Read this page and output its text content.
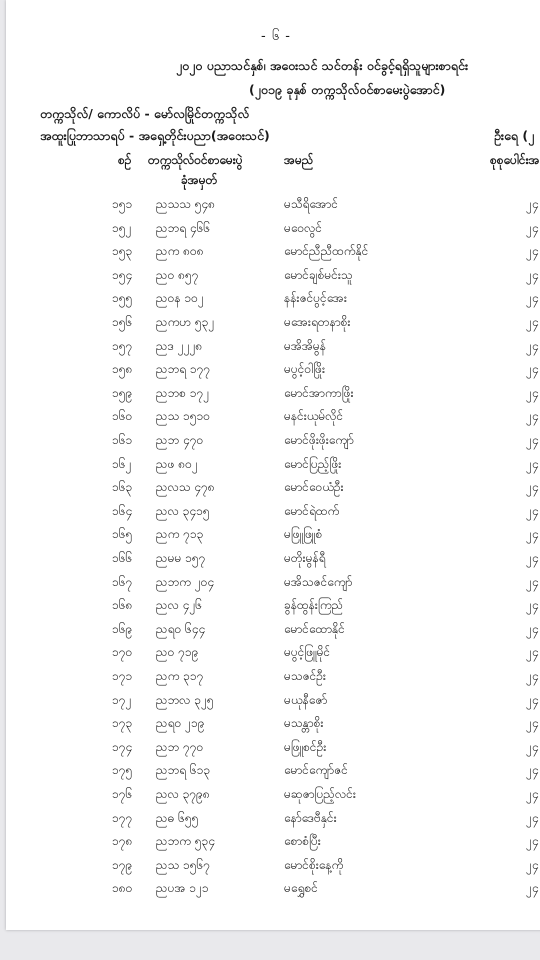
- ၆ -
၂၀၂၀ ပညာသင်နှစ်၊ အဝေးသင် သင်တန်း ဝင်ခွင့်ရရှိသူများစာရင်း
(၂၀၁၉ ခုနှစ် တက္ကသိုလ်ဝင်စာမေးပွဲအောင်)
တက္ကသိုလ်/ ကောလိပ် - မော်လမြိုင်တက္ကသိုလ်
အထူးပြုဘာသာရပ် - အရှေ့တိုင်းပညာ(အဝေးသင်)	ဦးရေ (၂
စဉ် တက္ကသိုလ်ဝင်စာမေးပွဲ
ခုံအမှတ်
အမည်	စုစုပေါင်းအ
၁၅၁ ညသသ ၅၄၈	မသီရိအောင်	၂၄
၁၅၂ ညဘရ ၄၆၆	မဝေလွင်	၂၄
၁၅၃ ညက ၈၀၈	မောင်ညီညီထက်နိုင်	၂၄
၁၅၄ ညဝ ၈၅၇	မောင်ချစ်မင်းသူ	၂၄
၁၅၅ ညဝန ၁၀၂	နန်းဇင်ပွင့်အေး	၂၄
၁၅၆ ညကဟ ၅၃၂	မအေးရတနာစိုး	၂၄
၁၅၇ ညဒ ၂၂၂၈	မအိအိမွန်	၂၄
၁၅၈ ညဘရ ၁၇၇	မပွင့်ဝါဖြိုး	၂၄
၁၅၉ ညဘစ ၁၇၂	မောင်အာကာဖြိုး	၂၄
၁၆၀ ညသ ၁၅၁၀	မနင်းယုမ်လိုင်	၂၄
၁၆၁ ညဘ ၄၇၀	မောင်ဖိုးဖိုးကျော်	၂၄
၁၆၂ ညဖ ၈၀၂	မောင်ပြည့်ဖြိုး	၂၄
၁၆၃ ညလသ ၄၇၈	မောင်ဝေယံဦး	၂၄
၁၆၄ ညလ ၃၄၁၅	မောင်ရဲထက်	၂၄
၁၆၅ ညက ၇၁၃	မဖြူဖြူစံ	၂၄
၁၆၆ ညမမ ၁၅၇	မတိုးမွန်ရီ	၂၄
၁၆၇ ညဘက ၂၀၄	မအိသဇင်ကျော်	၂၄
၁၆၈ ညလ ၄၂၆	ခွန်ထွန်းကြည်	၂၄
၁၆၉ ညရ၀ ၆၄၄	မောင်ထောနိုင်	၂၄
၁၇၀ ညဝ ၇၁၉	မပွင့်ဖြူမိုင်	၂၄
၁၇၁ ညက ၃၁၇	မသဇင်ဦး	၂၄
၁၇၂ ညဘလ ၃၂၅	မယုနီဇော်	၂၄
၁၇၃ ညရ၀ ၂၁၉	မသန္တာစိုး	၂၄
၁၇၄ ညဘ ၇၇၀	မဖြူစင်ဦး	၂၄
၁၇၅ ညဘရ ၆၁၃	မောင်ကျော်ဇင်	၂၄
၁၇၆ ညလ ၃၇၉၈	မဆုဇာပြည့်လင်း	၂၄
၁၇၇ ညဓ ၆၅၅	နော်ဒေဗီနှင်း	၂၄
၁၇၈ ညဘက ၅၃၄	စောစံပြီး	၂၄
၁၇၉ ညသ ၁၅၆၇	မောင်စိုးနေ့ကို	၂၄
၁၈၀ ညပအ ၁၂၁	မရွှေစင်	၂၄
